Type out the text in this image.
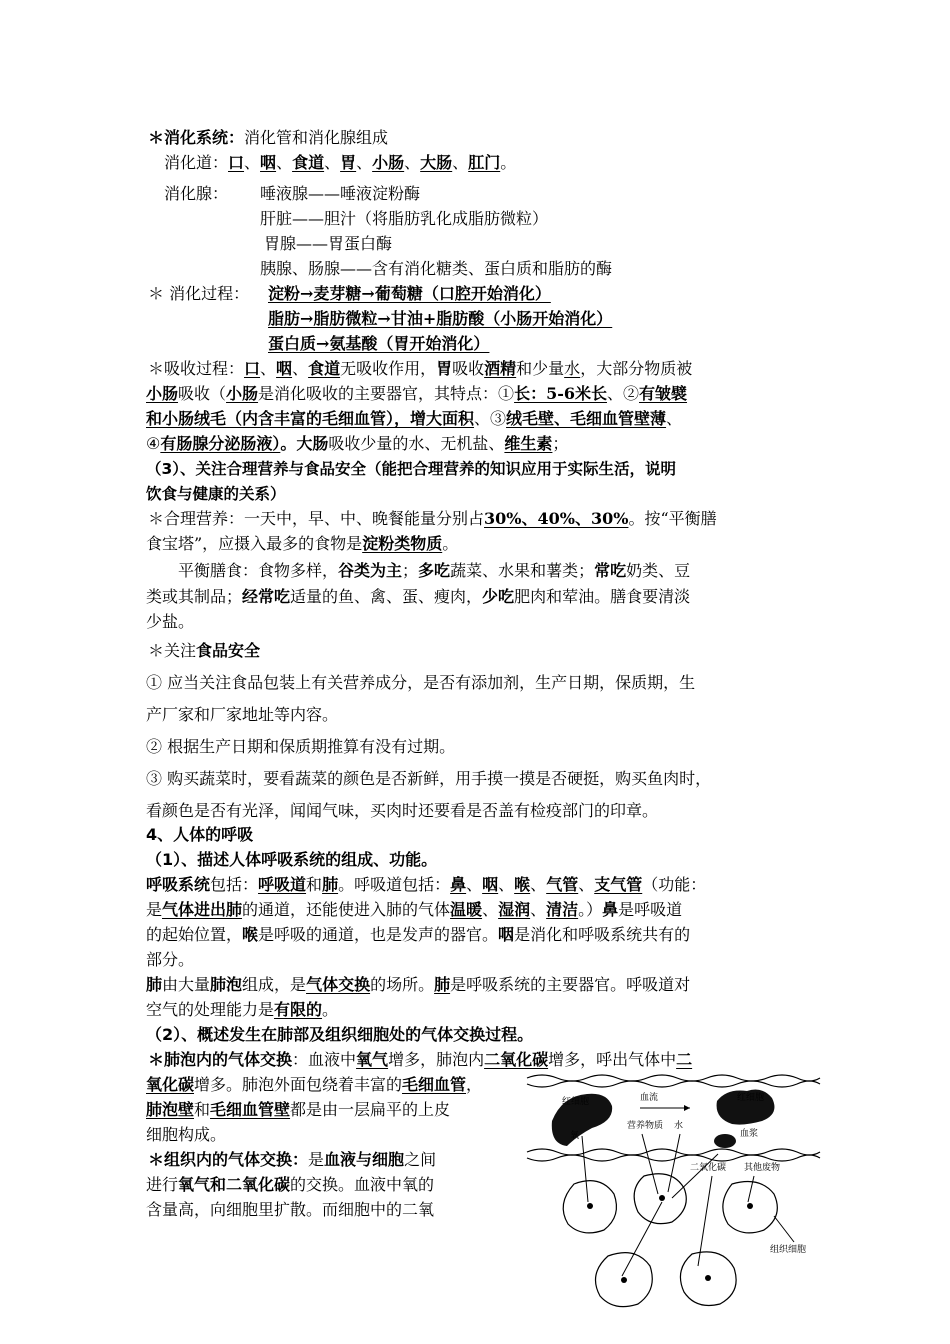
＊消化系统：消化管和消化腺组成
消化道：口、咽、食道、胃、小肠、大肠、肛门。
消化腺： 唾液腺——唾液淀粉酶
肝脏——胆汁（将脂肪乳化成脂肪微粒）
胃腺——胃蛋白酶
胰腺、肠腺——含有消化糖类、蛋白质和脂肪的酶
＊ 消化过程： 淀粉→麦芽糖→葡萄糖（口腔开始消化）
脂肪→脂肪微粒→甘油+脂肪酸（小肠开始消化）
蛋白质→氨基酸（胃开始消化）
＊吸收过程：口、咽、食道无吸收作用，胃吸收酒精和少量水，大部分物质被
小肠吸收（小肠是消化吸收的主要器官，其特点：①长：5-6米长、②有皱襞
和小肠绒毛（内含丰富的毛细血管），增大面积、③绒毛壁、毛细血管壁薄、
④有肠腺分泌肠液）。大肠吸收少量的水、无机盐、维生素；
（3）、关注合理营养与食品安全（能把合理营养的知识应用于实际生活，说明
饮食与健康的关系）
＊合理营养：一天中，早、中、晚餐能量分别占30%、40%、30%。按“平衡膳
食宝塔”，应摄入最多的食物是淀粉类物质。
平衡膳食：食物多样，谷类为主；多吃蔬菜、水果和薯类；常吃奶类、豆
类或其制品；经常吃适量的鱼、禽、蛋、瘦肉，少吃肥肉和荤油。膳食要清淡
少盐。
＊关注食品安全
① 应当关注食品包装上有关营养成分，是否有添加剂，生产日期，保质期，生
产厂家和厂家地址等内容。
② 根据生产日期和保质期推算有没有过期。
③ 购买蔬菜时，要看蔬菜的颜色是否新鲜，用手摸一摸是否硬挺，购买鱼肉时，
看颜色是否有光泽，闻闻气味，买肉时还要看是否盖有检疫部门的印章。
4、人体的呼吸
（1）、描述人体呼吸系统的组成、功能。
呼吸系统包括：呼吸道和肺。呼吸道包括：鼻、咽、喉、气管、支气管（功能：
是气体进出肺的通道，还能使进入肺的气体温暖、湿润、清洁。）鼻是呼吸道
的起始位置，喉是呼吸的通道，也是发声的器官。咽是消化和呼吸系统共有的
部分。
肺由大量肺泡组成，是气体交换的场所。肺是呼吸系统的主要器官。呼吸道对
空气的处理能力是有限的。
（2）、概述发生在肺部及组织细胞处的气体交换过程。
＊肺泡内的气体交换：血液中氧气增多，肺泡内二氧化碳增多，呼出气体中二
氧化碳增多。肺泡外面包绕着丰富的毛细血管，
肺泡壁和毛细血管壁都是由一层扁平的上皮
细胞构成。
＊组织内的气体交换：是血液与细胞之间
进行氧气和二氧化碳的交换。血液中氧的
含量高，向细胞里扩散。而细胞中的二氧
红细胞	血流	红细胞
氧
营养物质 水
血浆
二氧化碳 其他废物
组织细胞
